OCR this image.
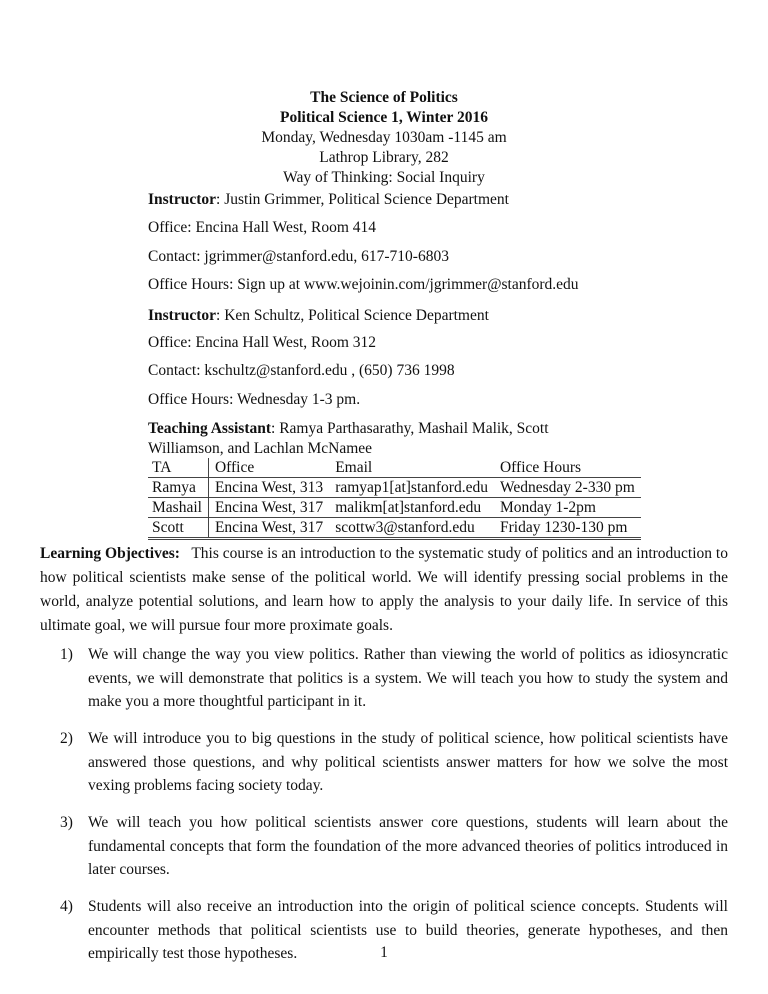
The Science of Politics
Political Science 1, Winter 2016
Monday, Wednesday 1030am -1145 am
Lathrop Library, 282
Way of Thinking: Social Inquiry
Instructor: Justin Grimmer, Political Science Department
Office: Encina Hall West, Room 414
Contact: jgrimmer@stanford.edu, 617-710-6803
Office Hours: Sign up at www.wejoinin.com/jgrimmer@stanford.edu
Instructor: Ken Schultz, Political Science Department
Office: Encina Hall West, Room 312
Contact: kschultz@stanford.edu , (650) 736 1998
Office Hours: Wednesday 1-3 pm.
Teaching Assistant: Ramya Parthasarathy, Mashail Malik, Scott Williamson, and Lachlan McNamee
TA	Office	Email	Office Hours
Ramya	Encina West, 313	ramyap1[at]stanford.edu	Wednesday 2-330 pm
Mashail	Encina West, 317	malikm[at]stanford.edu	Monday 1-2pm
Scott	Encina West, 317	scottw3@stanford.edu	Friday 1230-130 pm
Learning Objectives: This course is an introduction to the systematic study of politics and an introduction to how political scientists make sense of the political world. We will identify pressing social problems in the world, analyze potential solutions, and learn how to apply the analysis to your daily life. In service of this ultimate goal, we will pursue four more proximate goals.
1) We will change the way you view politics. Rather than viewing the world of politics as idiosyncratic events, we will demonstrate that politics is a system. We will teach you how to study the system and make you a more thoughtful participant in it.
2) We will introduce you to big questions in the study of political science, how political scientists have answered those questions, and why political scientists answer matters for how we solve the most vexing problems facing society today.
3) We will teach you how political scientists answer core questions, students will learn about the fundamental concepts that form the foundation of the more advanced theories of politics introduced in later courses.
4) Students will also receive an introduction into the origin of political science concepts. Students will encounter methods that political scientists use to build theories, generate hypotheses, and then empirically test those hypotheses.	1
